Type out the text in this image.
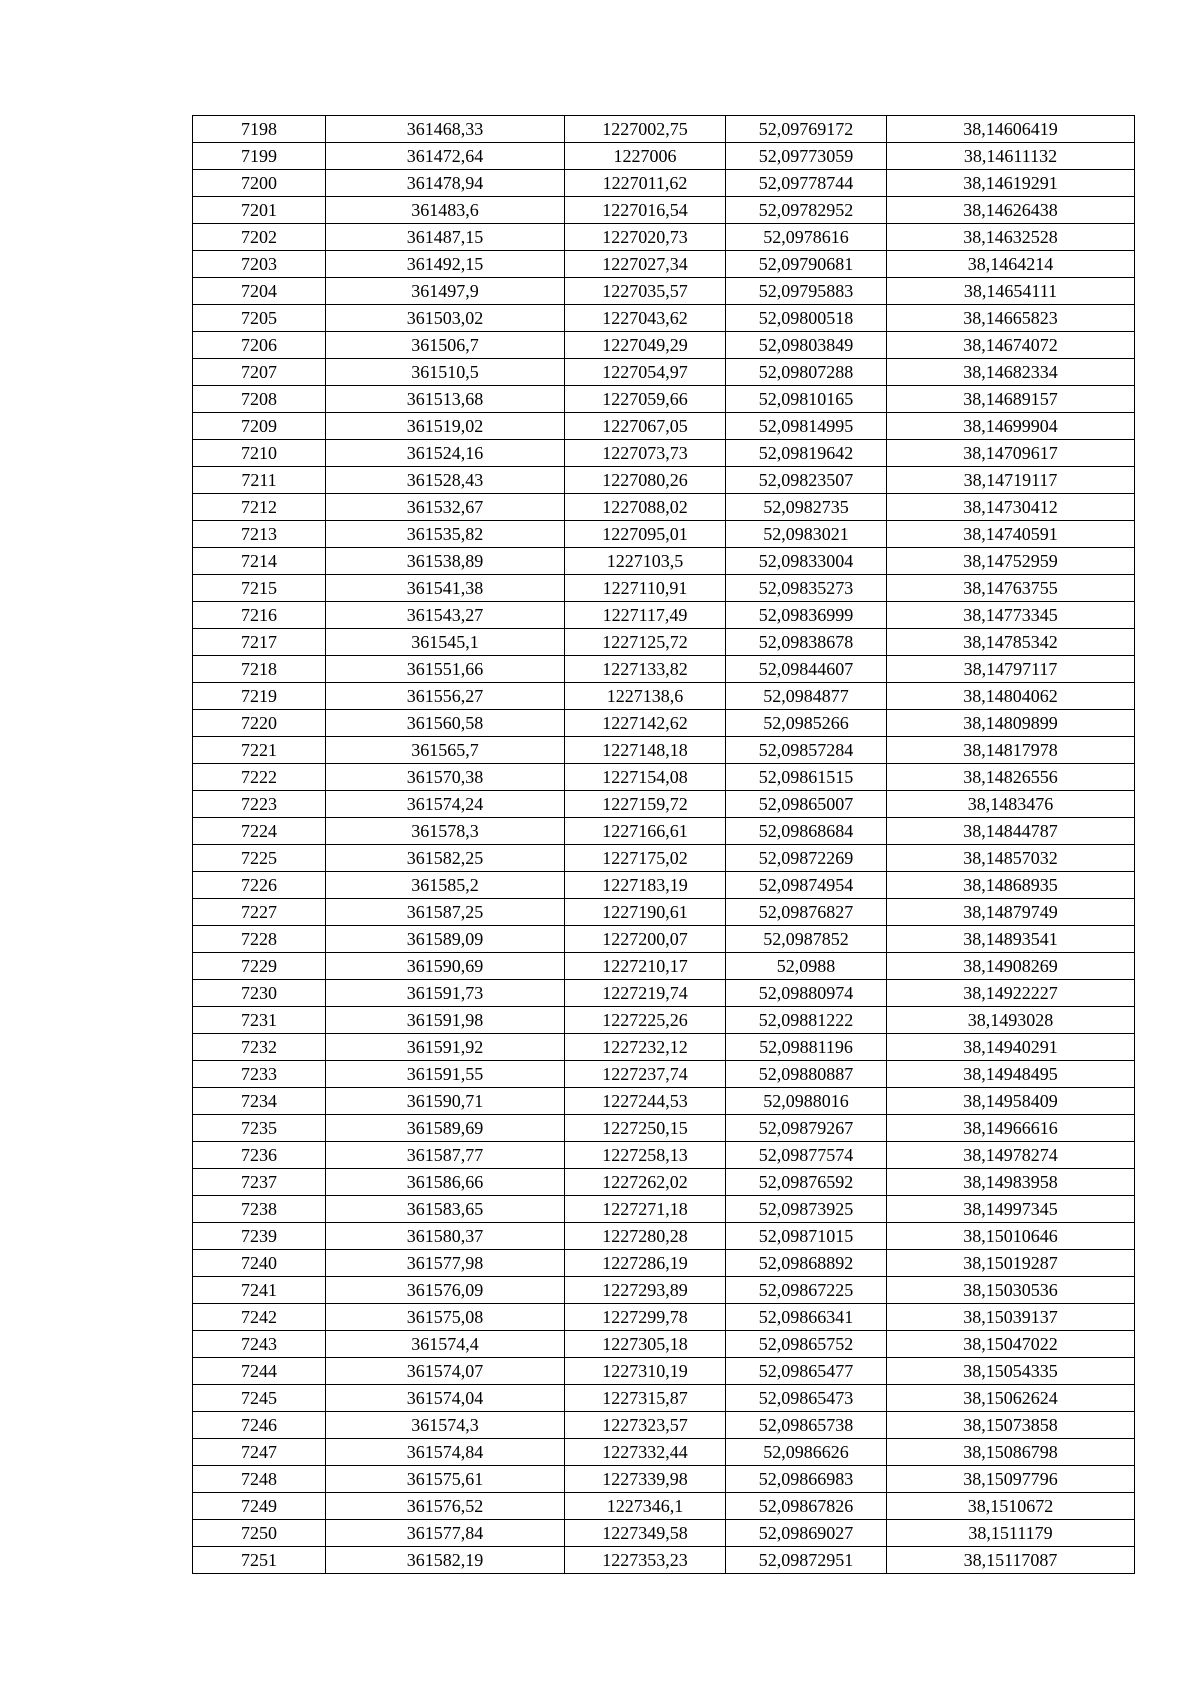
7198	361468,33	1227002,75	52,09769172	38,14606419
7199	361472,64	1227006	52,09773059	38,14611132
7200	361478,94	1227011,62	52,09778744	38,14619291
7201	361483,6	1227016,54	52,09782952	38,14626438
7202	361487,15	1227020,73	52,0978616	38,14632528
7203	361492,15	1227027,34	52,09790681	38,1464214
7204	361497,9	1227035,57	52,09795883	38,14654111
7205	361503,02	1227043,62	52,09800518	38,14665823
7206	361506,7	1227049,29	52,09803849	38,14674072
7207	361510,5	1227054,97	52,09807288	38,14682334
7208	361513,68	1227059,66	52,09810165	38,14689157
7209	361519,02	1227067,05	52,09814995	38,14699904
7210	361524,16	1227073,73	52,09819642	38,14709617
7211	361528,43	1227080,26	52,09823507	38,14719117
7212	361532,67	1227088,02	52,0982735	38,14730412
7213	361535,82	1227095,01	52,0983021	38,14740591
7214	361538,89	1227103,5	52,09833004	38,14752959
7215	361541,38	1227110,91	52,09835273	38,14763755
7216	361543,27	1227117,49	52,09836999	38,14773345
7217	361545,1	1227125,72	52,09838678	38,14785342
7218	361551,66	1227133,82	52,09844607	38,14797117
7219	361556,27	1227138,6	52,0984877	38,14804062
7220	361560,58	1227142,62	52,0985266	38,14809899
7221	361565,7	1227148,18	52,09857284	38,14817978
7222	361570,38	1227154,08	52,09861515	38,14826556
7223	361574,24	1227159,72	52,09865007	38,1483476
7224	361578,3	1227166,61	52,09868684	38,14844787
7225	361582,25	1227175,02	52,09872269	38,14857032
7226	361585,2	1227183,19	52,09874954	38,14868935
7227	361587,25	1227190,61	52,09876827	38,14879749
7228	361589,09	1227200,07	52,0987852	38,14893541
7229	361590,69	1227210,17	52,0988	38,14908269
7230	361591,73	1227219,74	52,09880974	38,14922227
7231	361591,98	1227225,26	52,09881222	38,1493028
7232	361591,92	1227232,12	52,09881196	38,14940291
7233	361591,55	1227237,74	52,09880887	38,14948495
7234	361590,71	1227244,53	52,0988016	38,14958409
7235	361589,69	1227250,15	52,09879267	38,14966616
7236	361587,77	1227258,13	52,09877574	38,14978274
7237	361586,66	1227262,02	52,09876592	38,14983958
7238	361583,65	1227271,18	52,09873925	38,14997345
7239	361580,37	1227280,28	52,09871015	38,15010646
7240	361577,98	1227286,19	52,09868892	38,15019287
7241	361576,09	1227293,89	52,09867225	38,15030536
7242	361575,08	1227299,78	52,09866341	38,15039137
7243	361574,4	1227305,18	52,09865752	38,15047022
7244	361574,07	1227310,19	52,09865477	38,15054335
7245	361574,04	1227315,87	52,09865473	38,15062624
7246	361574,3	1227323,57	52,09865738	38,15073858
7247	361574,84	1227332,44	52,0986626	38,15086798
7248	361575,61	1227339,98	52,09866983	38,15097796
7249	361576,52	1227346,1	52,09867826	38,1510672
7250	361577,84	1227349,58	52,09869027	38,1511179
7251	361582,19	1227353,23	52,09872951	38,15117087
